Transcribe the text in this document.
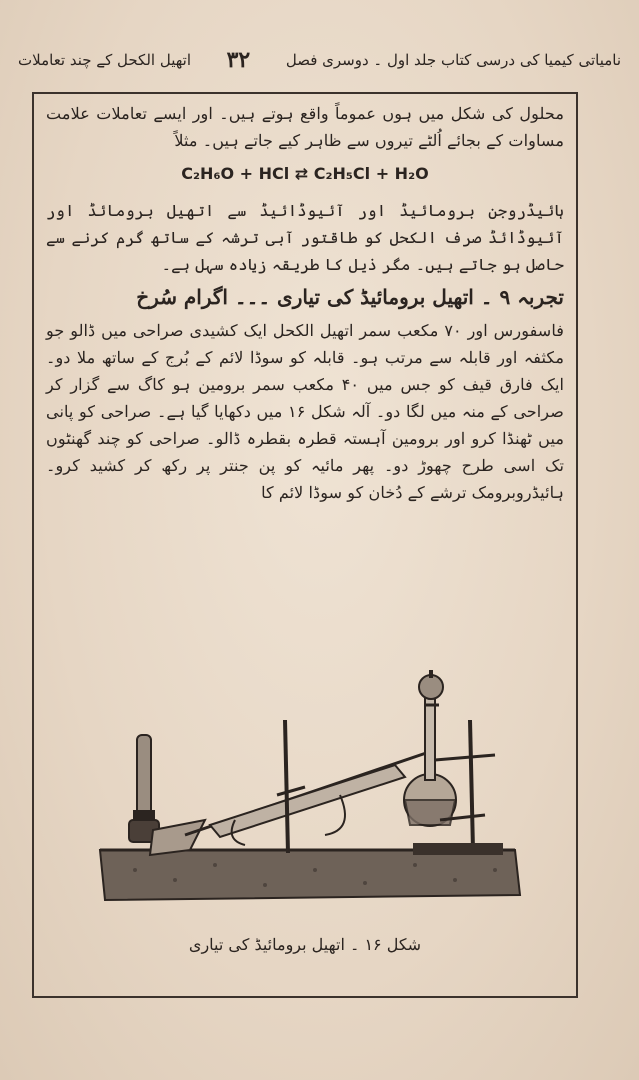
نامیاتی کیمیا کی درسی کتاب جلد اول ۔ دوسری فصل
۳۲
اتھیل الکحل کے چند تعاملات

محلول کی شکل میں ہوں عموماً واقع ہوتے ہیں۔ اور ایسے تعاملات علامت مساوات کے بجائے اُلٹے تیروں سے ظاہر کیے جاتے ہیں۔ مثلاً

C₂H₆O + HCl ⇄ C₂H₅Cl + H₂O

ہائیڈروجن برومائیڈ اور آئیوڈائیڈ سے اتھیل برومائڈ اور آئیوڈائڈ صرف الکحل کو طاقتور آبی ترشہ کے ساتھ گرم کرنے سے حاصل ہو جاتے ہیں۔ مگر ذیل کا طریقہ زیادہ سہل ہے۔

تجربہ ۹ ۔ اتھیل برومائیڈ کی تیاری ۔۔۔ اگرام سُرخ

فاسفورس اور ۷۰ مکعب سمر اتھیل الکحل ایک کشیدی صراحی میں ڈالو جو مکثفہ اور قابلہ سے مرتب ہو۔ قابلہ کو سوڈا لائم کے بُرج کے ساتھ ملا دو۔ ایک فارق قیف کو جس میں ۴۰ مکعب سمر برومین ہو کاگ سے گزار کر صراحی کے منہ میں لگا دو۔ آلہ شکل ۱۶ میں دکھایا گیا ہے۔ صراحی کو پانی میں ٹھنڈا کرو اور برومین آہستہ قطرہ بقطرہ ڈالو۔ صراحی کو چند گھنٹوں تک اسی طرح چھوڑ دو۔ پھر مائیہ کو پن جنتر پر رکھ کر کشید کرو۔ ہائیڈروبرومک ترشے کے دُخان کو سوڈا لائم کا

شکل ۱۶ ۔ اتھیل برومائیڈ کی تیاری
